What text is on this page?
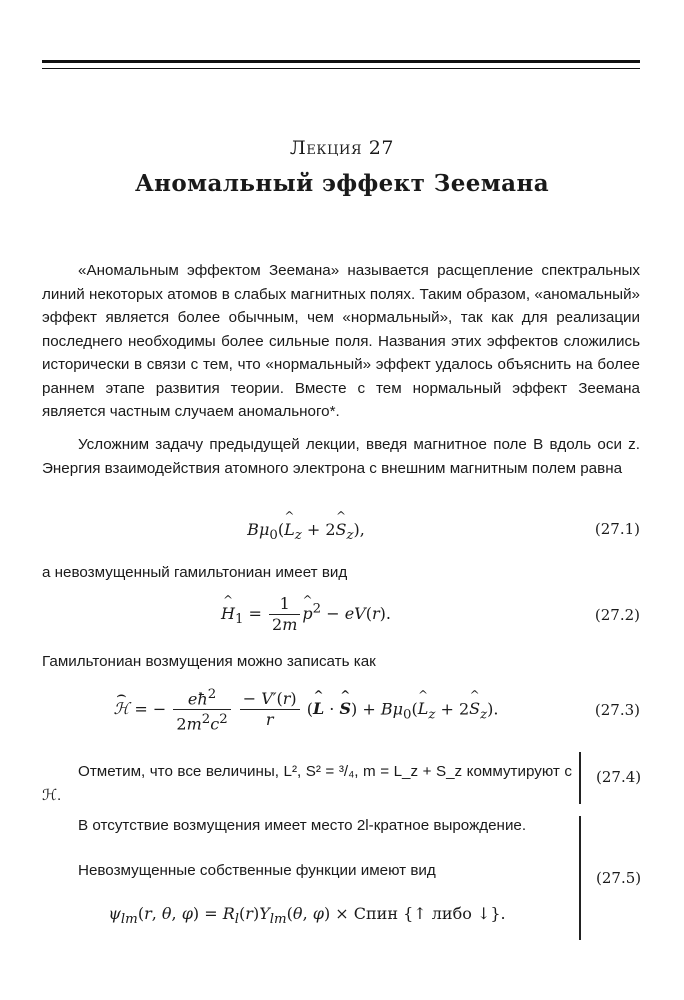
Лекция 27
Аномальный эффект Зеемана

«Аномальным эффектом Зеемана» называется расщепление спектральных линий некоторых атомов в слабых магнитных полях. Таким образом, «аномальный» эффект является более обычным, чем «нормальный», так как для реализации последнего необходимы более сильные поля. Названия этих эффектов сложились исторически в связи с тем, что «нормальный» эффект удалось объяснить на более раннем этапе развития теории. Вместе с тем нормальный эффект Зеемана является частным случаем аномального*.

Усложним задачу предыдущей лекции, введя магнитное поле B вдоль оси z. Энергия взаимодействия атомного электрона с внешним магнитным полем равна

$B\mu_0(\^{}$ $L_z$ + 2^ $S_z$),	(27.1)

а невозмущенный гамильтониан имеет вид

^ $H_1 = \frac{1}{2m}$
^ $p^2 - eV(r)$.	(27.2)

Гамильтониан возмущения можно записать как

⌢ ℋ = − $\frac{eħ^2}{2m^2c^2}$
$\frac{- V'(r)}{r}$ (^ L · ^ $S) + B\mu_0(\^{}$ $L_z$ + 2^ $S_z$).	(27.3)

Отметим, что все величины, L², S² = ³/₄, m = L_z + S_z коммутируют с ℋ.

(27.4)

В отсутствие возмущения имеет место 2l-кратное вырождение.

Невозмущенные собственные функции имеют вид

$\psi_{lm}(r$, θ, $\varphi) = R_l(r)Y_{lm}(\theta$, φ) × Спин {↑ либо ↓}.
(27.5)
